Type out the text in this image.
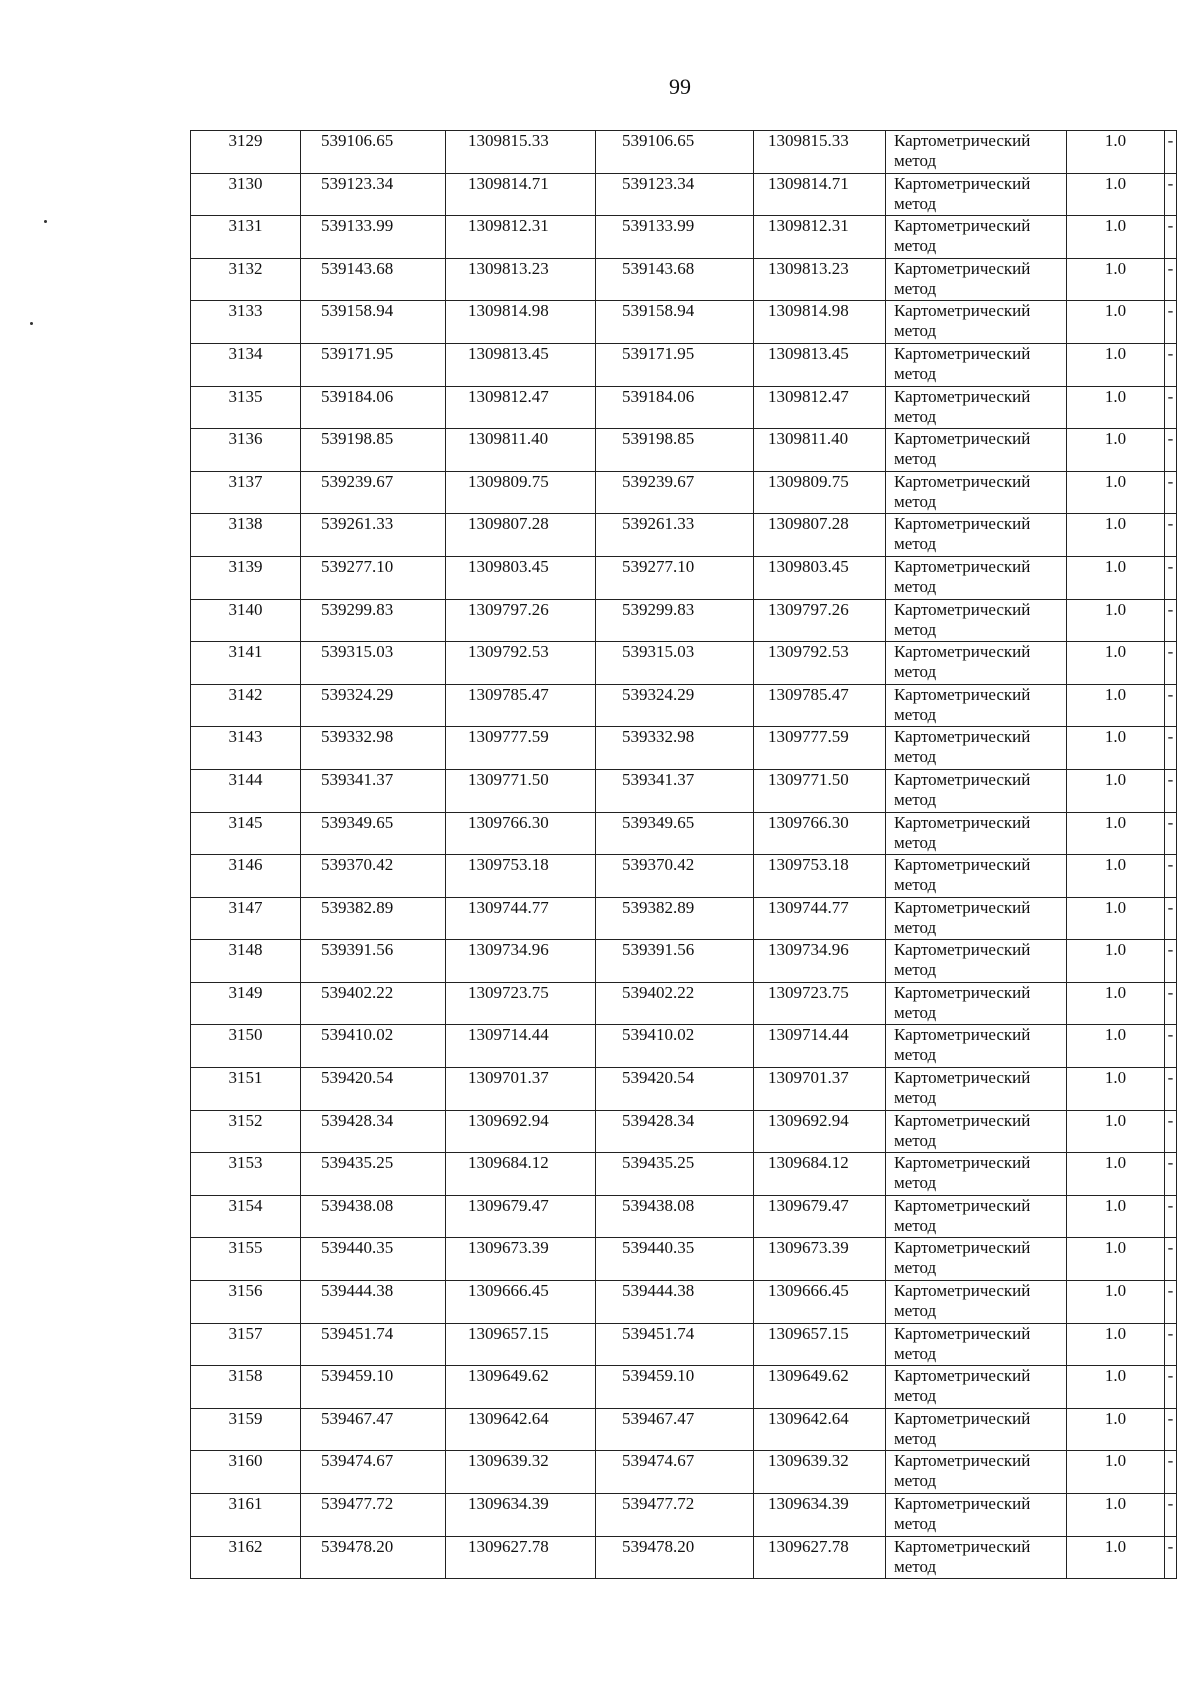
99
3129	539106.65	1309815.33	539106.65	1309815.33	Картометрический
метод	1.0	-
3130	539123.34	1309814.71	539123.34	1309814.71	Картометрический
метод	1.0	-
3131	539133.99	1309812.31	539133.99	1309812.31	Картометрический
метод	1.0	-
3132	539143.68	1309813.23	539143.68	1309813.23	Картометрический
метод	1.0	-
3133	539158.94	1309814.98	539158.94	1309814.98	Картометрический
метод	1.0	-
3134	539171.95	1309813.45	539171.95	1309813.45	Картометрический
метод	1.0	-
3135	539184.06	1309812.47	539184.06	1309812.47	Картометрический
метод	1.0	-
3136	539198.85	1309811.40	539198.85	1309811.40	Картометрический
метод	1.0	-
3137	539239.67	1309809.75	539239.67	1309809.75	Картометрический
метод	1.0	-
3138	539261.33	1309807.28	539261.33	1309807.28	Картометрический
метод	1.0	-
3139	539277.10	1309803.45	539277.10	1309803.45	Картометрический
метод	1.0	-
3140	539299.83	1309797.26	539299.83	1309797.26	Картометрический
метод	1.0	-
3141	539315.03	1309792.53	539315.03	1309792.53	Картометрический
метод	1.0	-
3142	539324.29	1309785.47	539324.29	1309785.47	Картометрический
метод	1.0	-
3143	539332.98	1309777.59	539332.98	1309777.59	Картометрический
метод	1.0	-
3144	539341.37	1309771.50	539341.37	1309771.50	Картометрический
метод	1.0	-
3145	539349.65	1309766.30	539349.65	1309766.30	Картометрический
метод	1.0	-
3146	539370.42	1309753.18	539370.42	1309753.18	Картометрический
метод	1.0	-
3147	539382.89	1309744.77	539382.89	1309744.77	Картометрический
метод	1.0	-
3148	539391.56	1309734.96	539391.56	1309734.96	Картометрический
метод	1.0	-
3149	539402.22	1309723.75	539402.22	1309723.75	Картометрический
метод	1.0	-
3150	539410.02	1309714.44	539410.02	1309714.44	Картометрический
метод	1.0	-
3151	539420.54	1309701.37	539420.54	1309701.37	Картометрический
метод	1.0	-
3152	539428.34	1309692.94	539428.34	1309692.94	Картометрический
метод	1.0	-
3153	539435.25	1309684.12	539435.25	1309684.12	Картометрический
метод	1.0	-
3154	539438.08	1309679.47	539438.08	1309679.47	Картометрический
метод	1.0	-
3155	539440.35	1309673.39	539440.35	1309673.39	Картометрический
метод	1.0	-
3156	539444.38	1309666.45	539444.38	1309666.45	Картометрический
метод	1.0	-
3157	539451.74	1309657.15	539451.74	1309657.15	Картометрический
метод	1.0	-
3158	539459.10	1309649.62	539459.10	1309649.62	Картометрический
метод	1.0	-
3159	539467.47	1309642.64	539467.47	1309642.64	Картометрический
метод	1.0	-
3160	539474.67	1309639.32	539474.67	1309639.32	Картометрический
метод	1.0	-
3161	539477.72	1309634.39	539477.72	1309634.39	Картометрический
метод	1.0	-
3162	539478.20	1309627.78	539478.20	1309627.78	Картометрический
метод	1.0	-
